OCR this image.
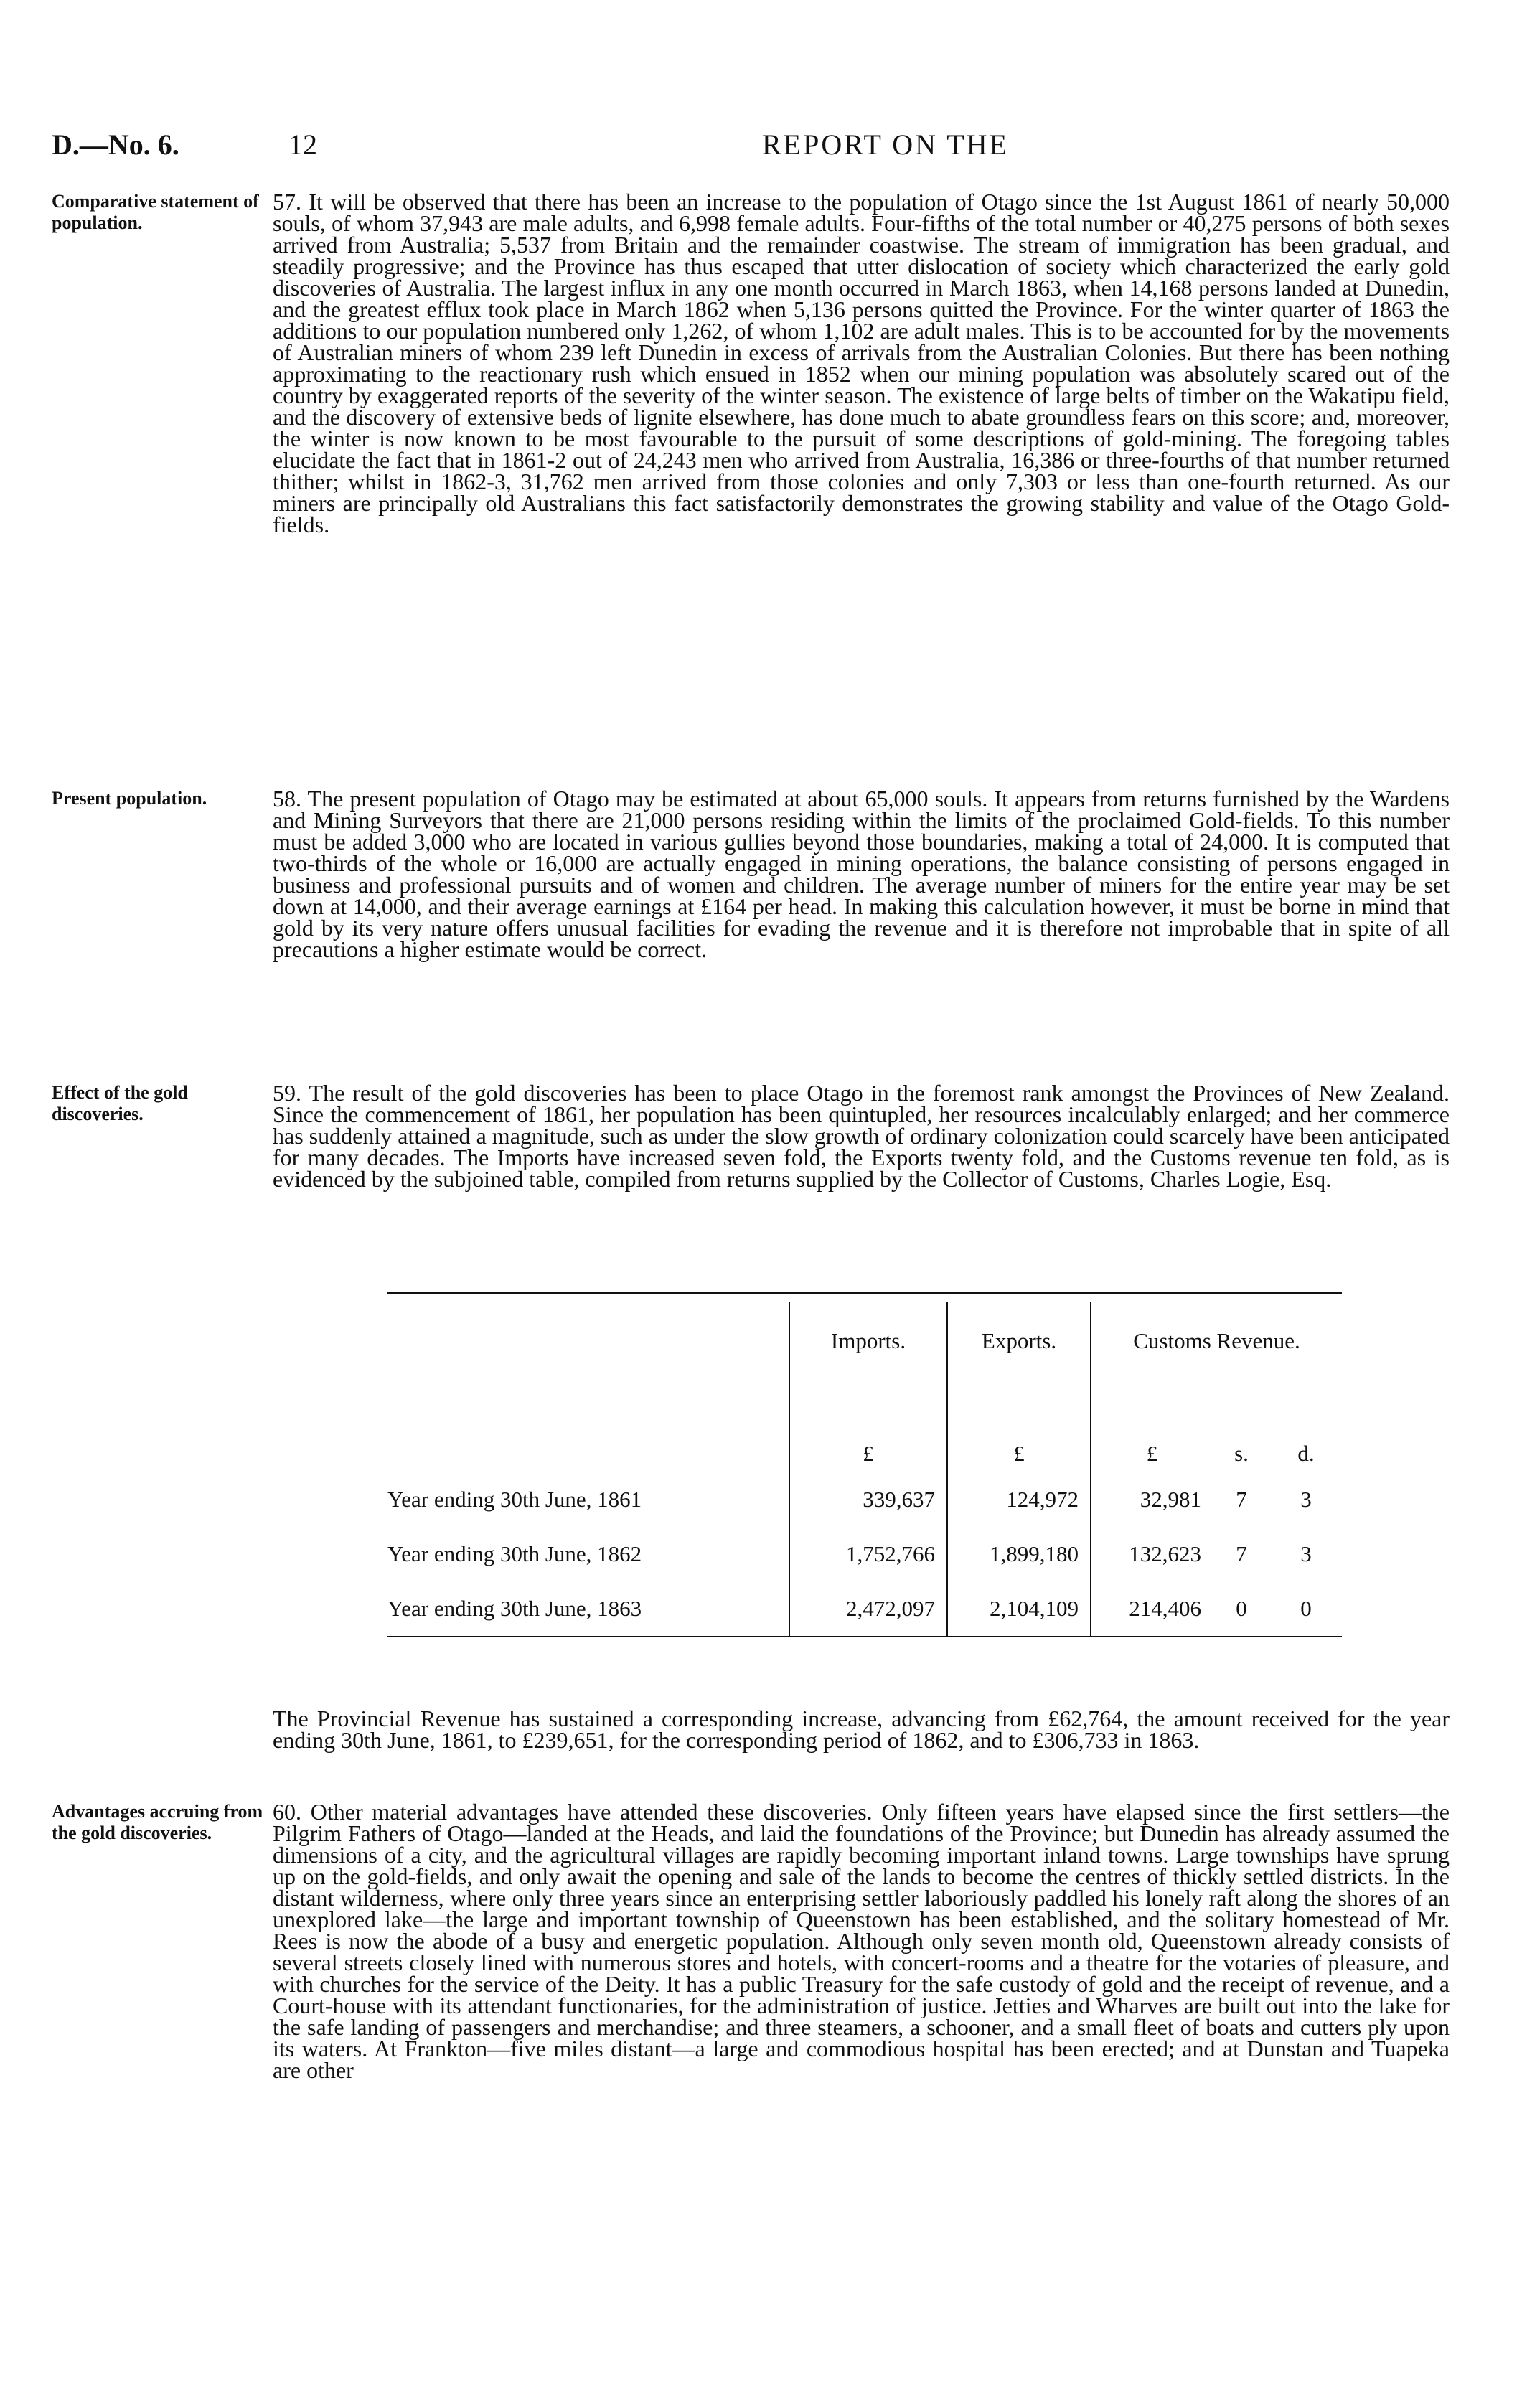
D.—No. 6.	12	REPORT ON THE
Comparative statement of population.
57. It will be observed that there has been an increase to the population of Otago since the 1st August 1861 of nearly 50,000 souls, of whom 37,943 are male adults, and 6,998 female adults. Four-fifths of the total number or 40,275 persons of both sexes arrived from Australia; 5,537 from Britain and the remainder coastwise. The stream of immigration has been gradual, and steadily progressive; and the Province has thus escaped that utter dislocation of society which characterized the early gold discoveries of Australia. The largest influx in any one month occurred in March 1863, when 14,168 persons landed at Dunedin, and the greatest efflux took place in March 1862 when 5,136 persons quitted the Province. For the winter quarter of 1863 the additions to our population numbered only 1,262, of whom 1,102 are adult males. This is to be accounted for by the movements of Australian miners of whom 239 left Dunedin in excess of arrivals from the Australian Colonies. But there has been nothing approximating to the reactionary rush which ensued in 1852 when our mining population was absolutely scared out of the country by exaggerated reports of the severity of the winter season. The existence of large belts of timber on the Wakatipu field, and the discovery of extensive beds of lignite elsewhere, has done much to abate groundless fears on this score; and, moreover, the winter is now known to be most favourable to the pursuit of some descriptions of gold-mining. The foregoing tables elucidate the fact that in 1861-2 out of 24,243 men who arrived from Australia, 16,386 or three-fourths of that number returned thither; whilst in 1862-3, 31,762 men arrived from those colonies and only 7,303 or less than one-fourth returned. As our miners are principally old Australians this fact satisfactorily demonstrates the growing stability and value of the Otago Gold-fields.
Present population.	58. The present population of Otago may be estimated at about 65,000 souls. It appears from returns furnished by the Wardens and Mining Surveyors that there are 21,000 persons residing within the limits of the proclaimed Gold-fields. To this number must be added 3,000 who are located in various gullies beyond those boundaries, making a total of 24,000. It is computed that two-thirds of the whole or 16,000 are actually engaged in mining operations, the balance consisting of persons engaged in business and professional pursuits and of women and children. The average number of miners for the entire year may be set down at 14,000, and their average earnings at £164 per head. In making this calculation however, it must be borne in mind that gold by its very nature offers unusual facilities for evading the revenue and it is therefore not improbable that in spite of all precautions a higher estimate would be correct.
Effect of the gold discoveries.
59. The result of the gold discoveries has been to place Otago in the foremost rank amongst the Provinces of New Zealand. Since the commencement of 1861, her population has been quintupled, her resources incalculably enlarged; and her commerce has suddenly attained a magnitude, such as under the slow growth of ordinary colonization could scarcely have been anticipated for many decades. The Imports have increased seven fold, the Exports twenty fold, and the Customs revenue ten fold, as is evidenced by the subjoined table, compiled from returns supplied by the Collector of Customs, Charles Logie, Esq.

	Imports.	Exports.	Customs Revenue.		
	£	£	£	s.	d.
Year ending 30th June, 1861	339,637	124,972	32,981	7	3
Year ending 30th June, 1862	1,752,766	1,899,180	132,623	7	3
Year ending 30th June, 1863	2,472,097	2,104,109	214,406	0	0

The Provincial Revenue has sustained a corresponding increase, advancing from £62,764, the amount received for the year ending 30th June, 1861, to £239,651, for the corresponding period of 1862, and to £306,733 in 1863.
Advantages accruing from the gold discoveries.
60. Other material advantages have attended these discoveries. Only fifteen years have elapsed since the first settlers—the Pilgrim Fathers of Otago—landed at the Heads, and laid the foundations of the Province; but Dunedin has already assumed the dimensions of a city, and the agricultural villages are rapidly becoming important inland towns. Large townships have sprung up on the gold-fields, and only await the opening and sale of the lands to become the centres of thickly settled districts. In the distant wilderness, where only three years since an enterprising settler laboriously paddled his lonely raft along the shores of an unexplored lake—the large and important township of Queenstown has been established, and the solitary homestead of Mr. Rees is now the abode of a busy and energetic population. Although only seven month old, Queenstown already consists of several streets closely lined with numerous stores and hotels, with concert-rooms and a theatre for the votaries of pleasure, and with churches for the service of the Deity. It has a public Treasury for the safe custody of gold and the receipt of revenue, and a Court-house with its attendant functionaries, for the administration of justice. Jetties and Wharves are built out into the lake for the safe landing of passengers and merchandise; and three steamers, a schooner, and a small fleet of boats and cutters ply upon its waters. At Frankton—five miles distant—a large and commodious hospital has been erected; and at Dunstan and Tuapeka are other
